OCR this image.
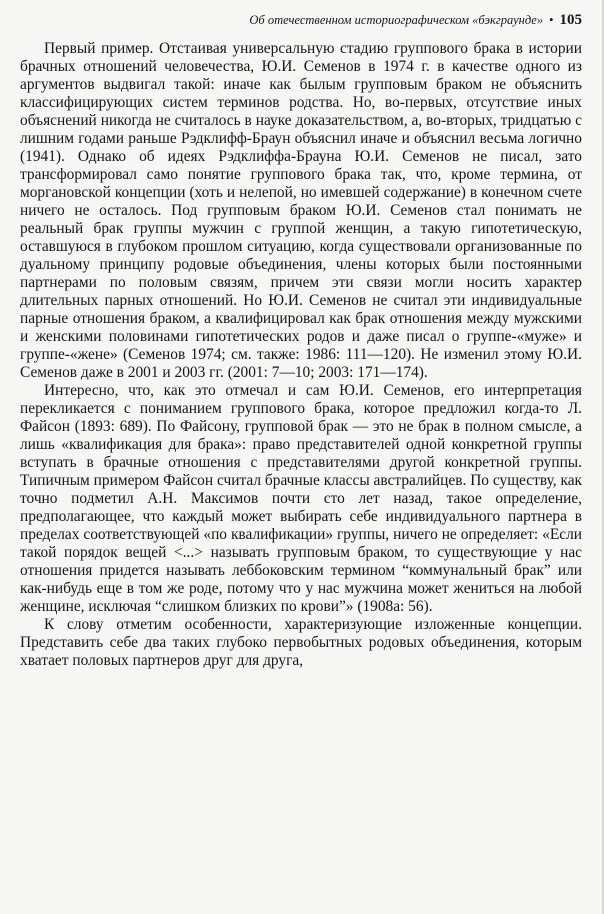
Об отечественном историографическом «бэкграунде» • 105

Первый пример. Отстаивая универсальную стадию группового брака в истории брачных отношений человечества, Ю.И. Семенов в 1974 г. в качестве одного из аргументов выдвигал такой: иначе как былым групповым браком не объяснить классифицирующих систем терминов родства. Но, во-первых, отсутствие иных объяснений никогда не считалось в науке доказательством, а, во-вторых, тридцатью с лишним годами раньше Рэдклифф-Браун объяснил иначе и объяснил весьма логично (1941). Однако об идеях Рэдклиффа-Брауна Ю.И. Семенов не писал, зато трансформировал само понятие группового брака так, что, кроме термина, от моргановской концепции (хоть и нелепой, но имевшей содержание) в конечном счете ничего не осталось. Под групповым браком Ю.И. Семенов стал понимать не реальный брак группы мужчин с группой женщин, а такую гипотетическую, оставшуюся в глубоком прошлом ситуацию, когда существовали организованные по дуальному принципу родовые объединения, члены которых были постоянными партнерами по половым связям, причем эти связи могли носить характер длительных парных отношений. Но Ю.И. Семенов не считал эти индивидуальные парные отношения браком, а квалифицировал как брак отношения между мужскими и женскими половинами гипотетических родов и даже писал о группе-«муже» и группе-«жене» (Семенов 1974; см. также: 1986: 111—120). Не изменил этому Ю.И. Семенов даже в 2001 и 2003 гг. (2001: 7—10; 2003: 171—174).

Интересно, что, как это отмечал и сам Ю.И. Семенов, его интерпретация перекликается с пониманием группового брака, которое предложил когда-то Л. Файсон (1893: 689). По Файсону, групповой брак — это не брак в полном смысле, а лишь «квалификация для брака»: право представителей одной конкретной группы вступать в брачные отношения с представителями другой конкретной группы. Типичным примером Файсон считал брачные классы австралийцев. По существу, как точно подметил А.Н. Максимов почти сто лет назад, такое определение, предполагающее, что каждый может выбирать себе индивидуального партнера в пределах соответствующей «по квалификации» группы, ничего не определяет: «Если такой порядок вещей <...> называть групповым браком, то существующие у нас отношения придется называть леббоковским термином “коммунальный брак” или как-нибудь еще в том же роде, потому что у нас мужчина может жениться на любой женщине, исключая “слишком близких по крови”» (1908а: 56).

К слову отметим особенности, характеризующие изложенные концепции. Представить себе два таких глубоко первобытных родовых объединения, которым хватает половых партнеров друг для друга,
